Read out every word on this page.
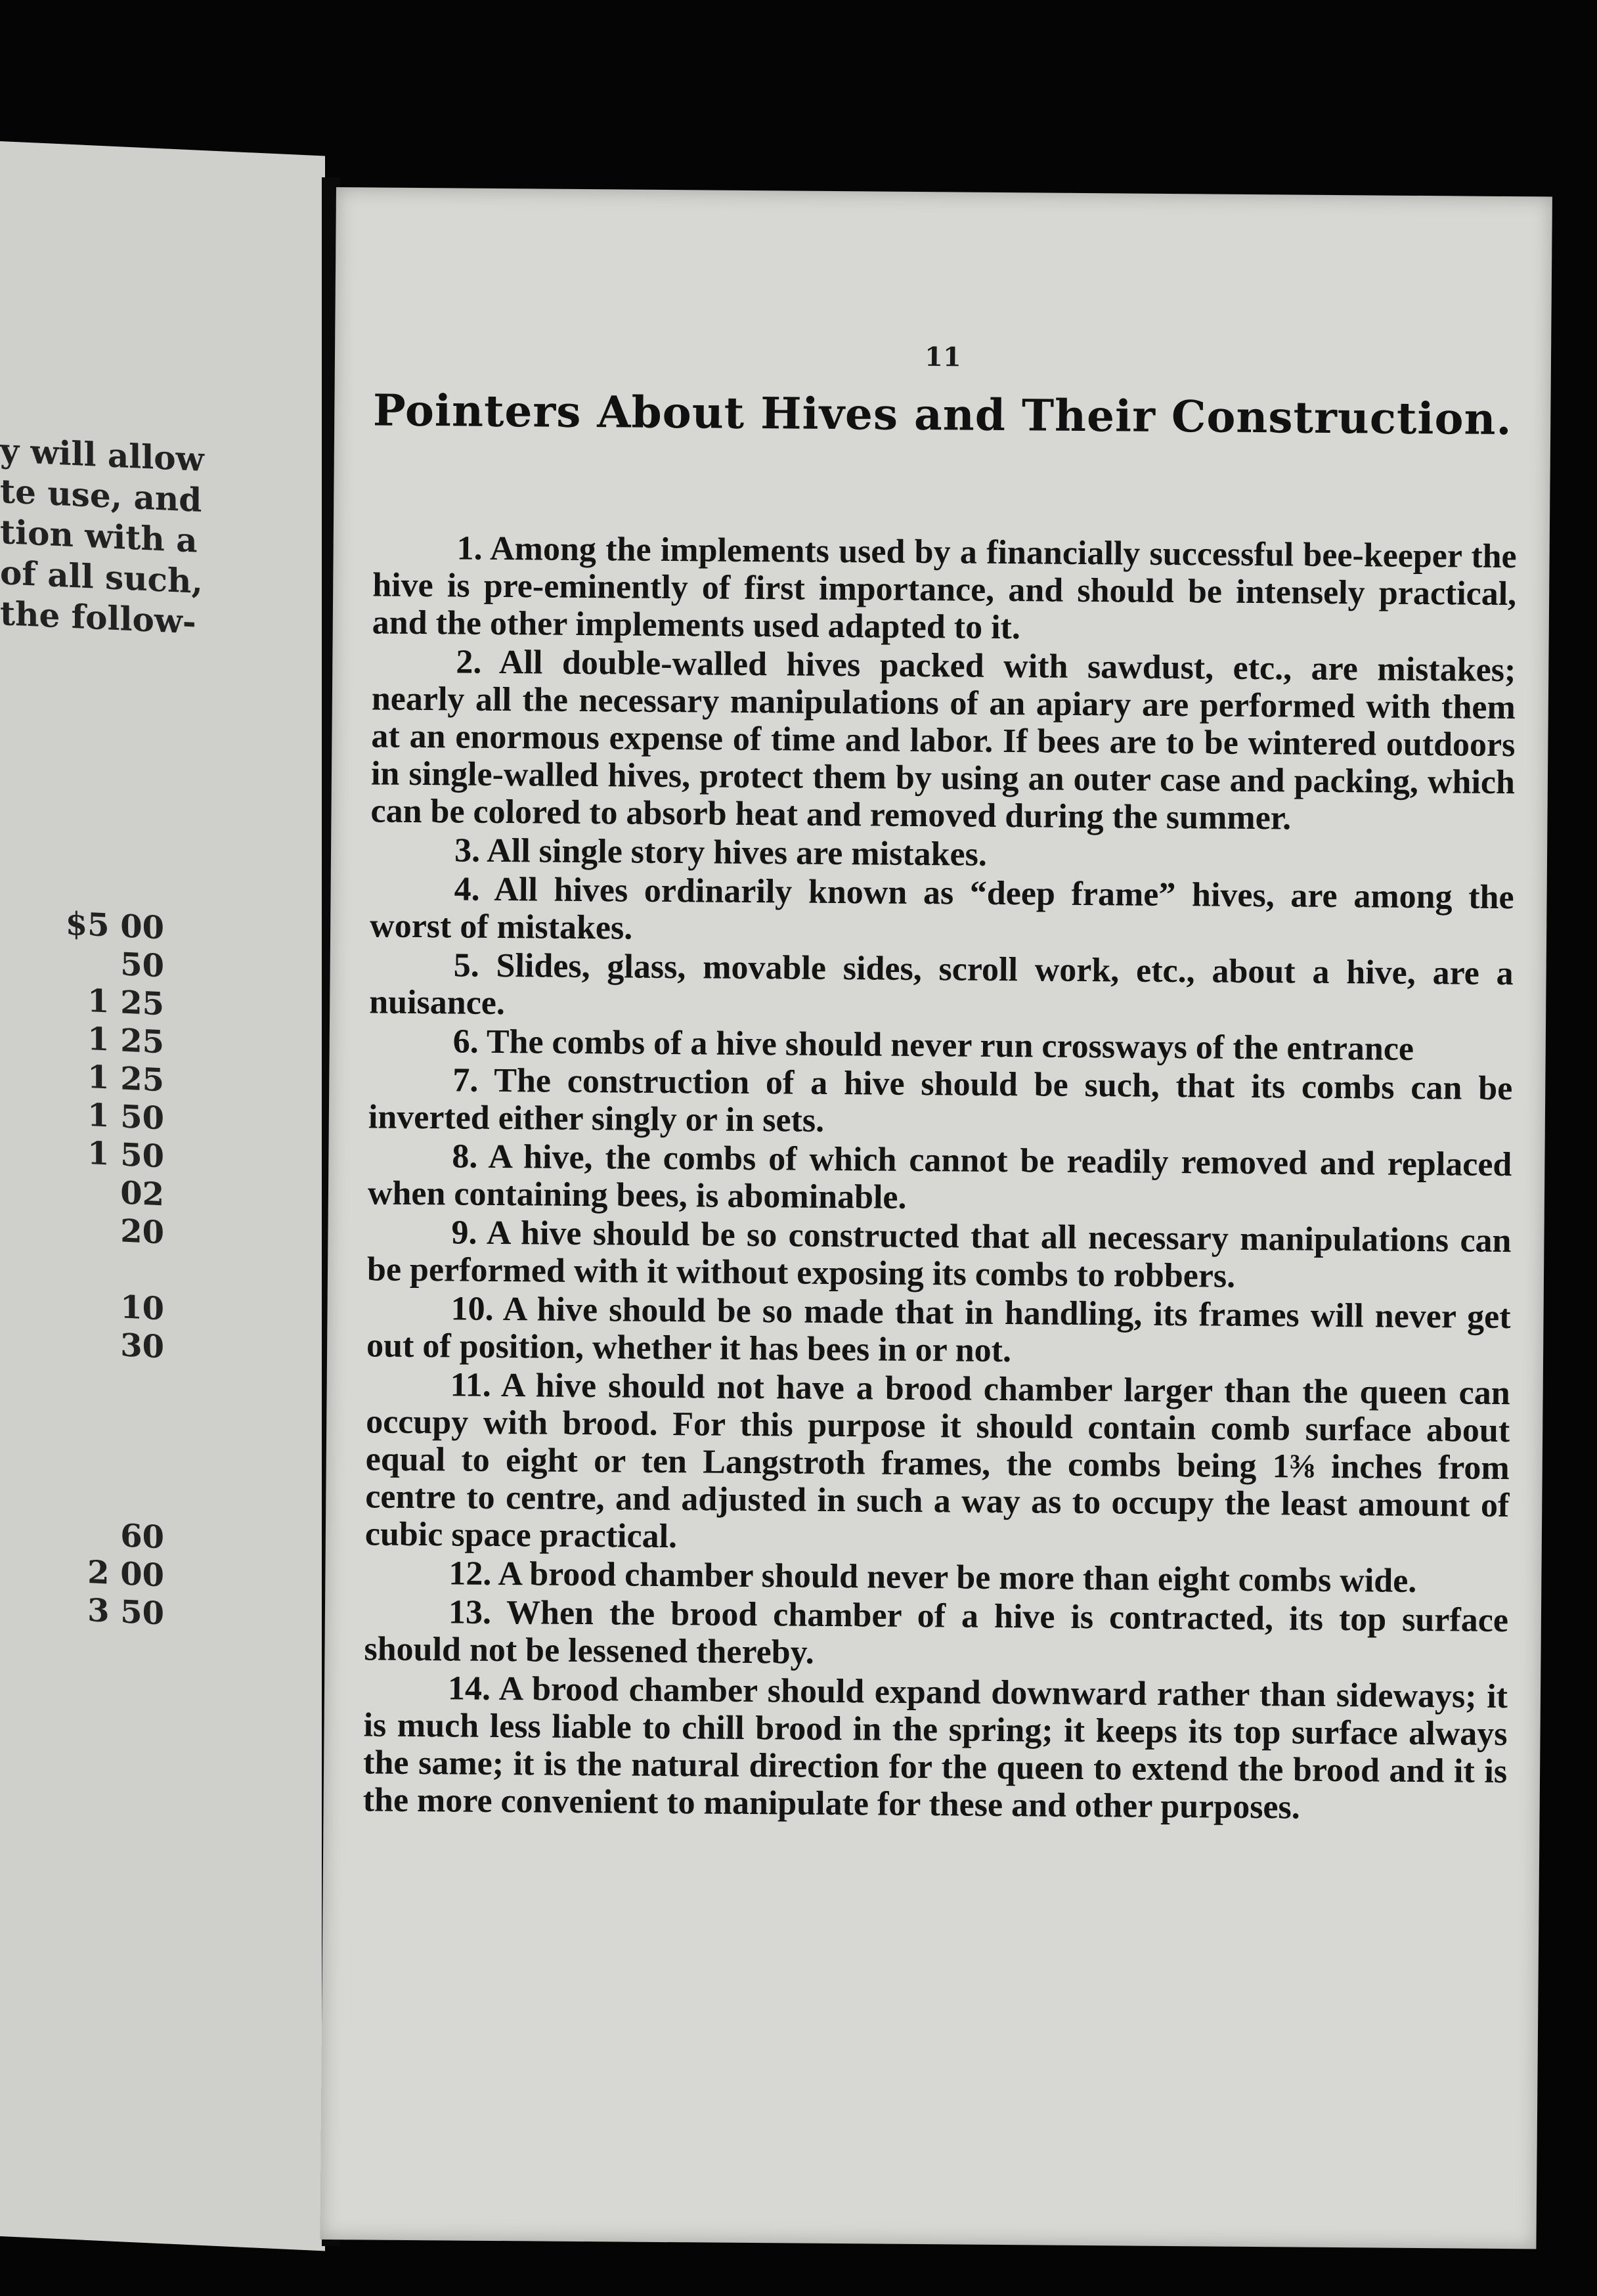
y will allow
te use, and
tion with a
of all such,
the follow-
$5 00
50
1 25
1 25
1 25
1 50
1 50
02
20
10
30
60
2 00
3 50
11
Pointers About Hives and Their Construction.

1. Among the implements used by a financially successful bee-keeper the hive is pre-eminently of first importance, and should be intensely practical, and the other implements used adapted to it.

2. All double-walled hives packed with sawdust, etc., are mistakes; nearly all the necessary manipulations of an apiary are performed with them at an enormous expense of time and labor. If bees are to be wintered outdoors in single-walled hives, protect them by using an outer case and packing, which can be colored to absorb heat and removed during the summer.

3. All single story hives are mistakes.

4. All hives ordinarily known as “deep frame” hives, are among the worst of mistakes.

5. Slides, glass, movable sides, scroll work, etc., about a hive, are a nuisance.

6. The combs of a hive should never run crossways of the entrance

7. The construction of a hive should be such, that its combs can be inverted either singly or in sets.

8. A hive, the combs of which cannot be readily removed and replaced when containing bees, is abominable.

9. A hive should be so constructed that all necessary manipulations can be performed with it without exposing its combs to robbers.

10. A hive should be so made that in handling, its frames will never get out of position, whether it has bees in or not.

11. A hive should not have a brood chamber larger than the queen can occupy with brood. For this purpose it should contain comb surface about equal to eight or ten Langstroth frames, the combs being 1⅜ inches from centre to centre, and adjusted in such a way as to occupy the least amount of cubic space practical.

12. A brood chamber should never be more than eight combs wide.

13. When the brood chamber of a hive is contracted, its top surface should not be lessened thereby.

14. A brood chamber should expand downward rather than sideways; it is much less liable to chill brood in the spring; it keeps its top surface always the same; it is the natural direction for the queen to extend the brood and it is the more convenient to manipulate for these and other purposes.
